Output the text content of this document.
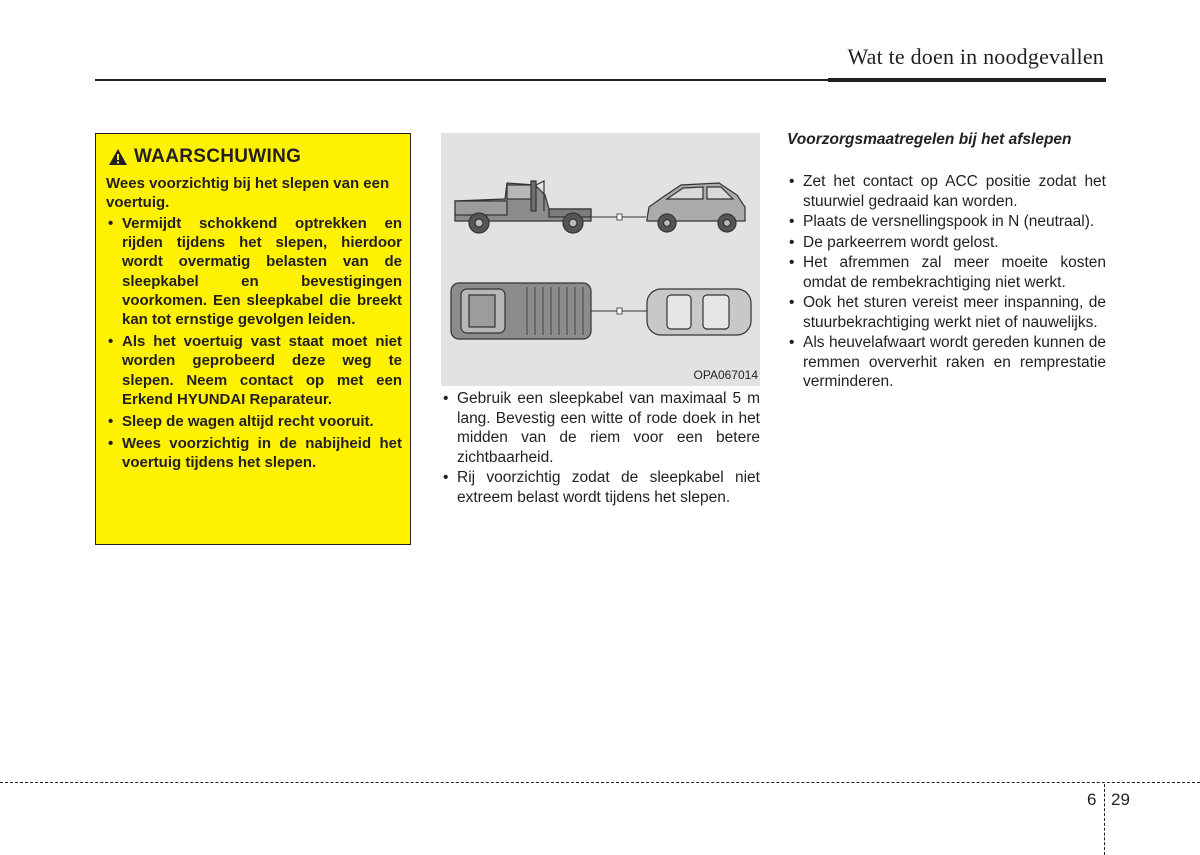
Wat te doen in noodgevallen
WAARSCHUWING
Wees voorzichtig bij het slepen van een voertuig.
• Vermijdt schokkend optrekken en rijden tijdens het slepen, hierdoor wordt overmatig belasten van de sleepkabel en bevestigingen voorkomen. Een sleepkabel die breekt kan tot ernstige gevolgen leiden.
• Als het voertuig vast staat moet niet worden geprobeerd deze weg te slepen. Neem contact op met een Erkend HYUNDAI Reparateur.
• Sleep de wagen altijd recht vooruit.
• Wees voorzichtig in de nabijheid het voertuig tijdens het slepen.
OPA067014
• Gebruik een sleepkabel van maximaal 5 m lang. Bevestig een witte of rode doek in het midden van de riem voor een betere zichtbaarheid.
• Rij voorzichtig zodat de sleepkabel niet extreem belast wordt tijdens het slepen.
Voorzorgsmaatregelen bij het afslepen
• Zet het contact op ACC positie zodat het stuurwiel gedraaid kan worden.
• Plaats de versnellingspook in N (neutraal).
• De parkeerrem wordt gelost.
• Het afremmen zal meer moeite kosten omdat de rembekrachtiging niet werkt.
• Ook het sturen vereist meer inspanning, de stuurbekrachtiging werkt niet of nauwelijks.
• Als heuvelafwaart wordt gereden kunnen de remmen oververhit raken en remprestatie verminderen.
6 29
